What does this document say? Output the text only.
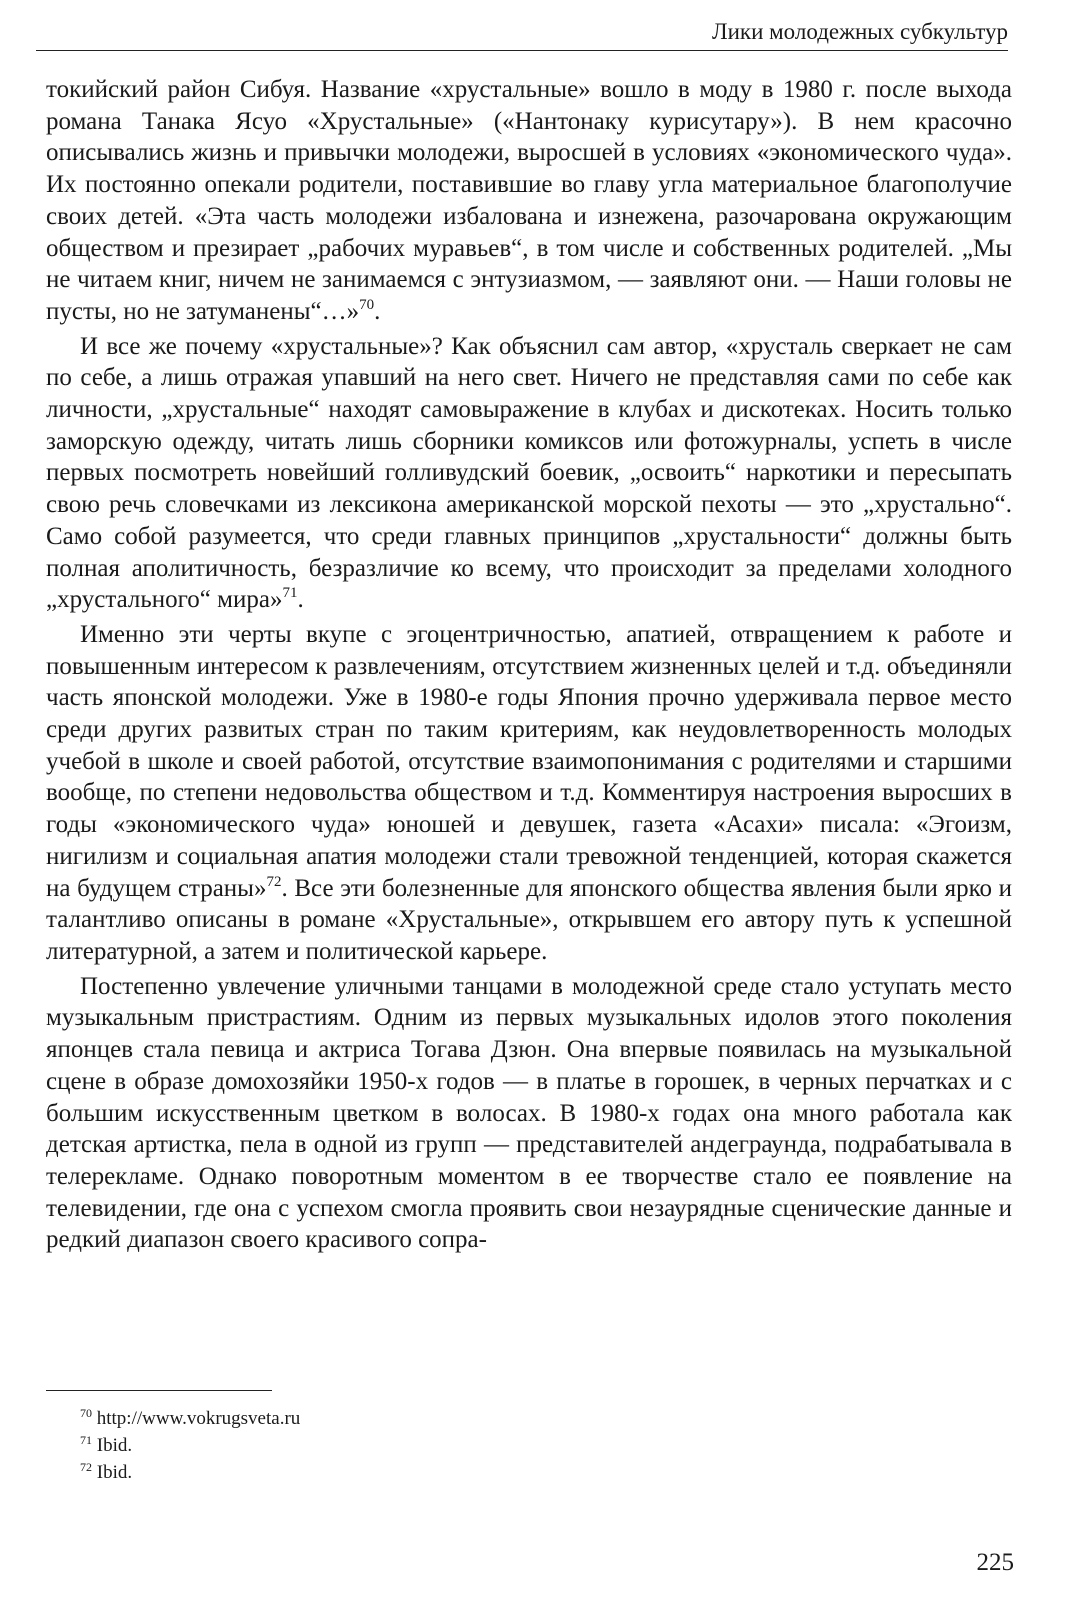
Лики молодежных субкультур

токийский район Сибуя. Название «хрустальные» вошло в моду в 1980 г. после выхода романа Танака Ясуо «Хрустальные» («Нантонаку курисутару»). В нем красочно описывались жизнь и привычки молодежи, выросшей в условиях «экономического чуда». Их постоянно опекали родители, поставившие во главу угла материальное благополучие своих детей. «Эта часть молодежи избалована и изнежена, разочарована окружающим обществом и презирает „рабочих муравьев“, в том числе и собственных родителей. „Мы не читаем книг, ничем не занимаемся с энтузиазмом, — заявляют они. — Наши головы не пусты, но не затуманены“…»$^{70}$.

И все же почему «хрустальные»? Как объяснил сам автор, «хрусталь сверкает не сам по себе, а лишь отражая упавший на него свет. Ничего не представляя сами по себе как личности, „хрустальные“ находят самовыражение в клубах и дискотеках. Носить только заморскую одежду, читать лишь сборники комиксов или фотожурналы, успеть в числе первых посмотреть новейший голливудский боевик, „освоить“ наркотики и пересыпать свою речь словечками из лексикона американской морской пехоты — это „хрустально“. Само собой разумеется, что среди главных принципов „хрустальности“ должны быть полная аполитичность, безразличие ко всему, что происходит за пределами холодного „хрустального“ мира»$^{71}$.

Именно эти черты вкупе с эгоцентричностью, апатией, отвращением к работе и повышенным интересом к развлечениям, отсутствием жизненных целей и т.д. объединяли часть японской молодежи. Уже в 1980-е годы Япония прочно удерживала первое место среди других развитых стран по таким критериям, как неудовлетворенность молодых учебой в школе и своей работой, отсутствие взаимопонимания с родителями и старшими вообще, по степени недовольства обществом и т.д. Комментируя настроения выросших в годы «экономического чуда» юношей и девушек, газета «Асахи» писала: «Эгоизм, нигилизм и социальная апатия молодежи стали тревожной тенденцией, которая скажется на будущем страны»$^{72}$. Все эти болезненные для японского общества явления были ярко и талантливо описаны в романе «Хрустальные», открывшем его автору путь к успешной литературной, а затем и политической карьере.

Постепенно увлечение уличными танцами в молодежной среде стало уступать место музыкальным пристрастиям. Одним из первых музыкальных идолов этого поколения японцев стала певица и актриса Тогава Дзюн. Она впервые появилась на музыкальной сцене в образе домохозяйки 1950-х годов — в платье в горошек, в черных перчатках и с большим искусственным цветком в волосах. В 1980-х годах она много работала как детская артистка, пела в одной из групп — представителей андеграунда, подрабатывала в телерекламе. Однако поворотным моментом в ее творчестве стало ее появление на телевидении, где она с успехом смогла проявить свои незаурядные сценические данные и редкий диапазон своего красивого сопра-

$^{70}$ http://www.vokrugsveta.ru
$^{71}$ Ibid.
$^{72}$ Ibid.
225
